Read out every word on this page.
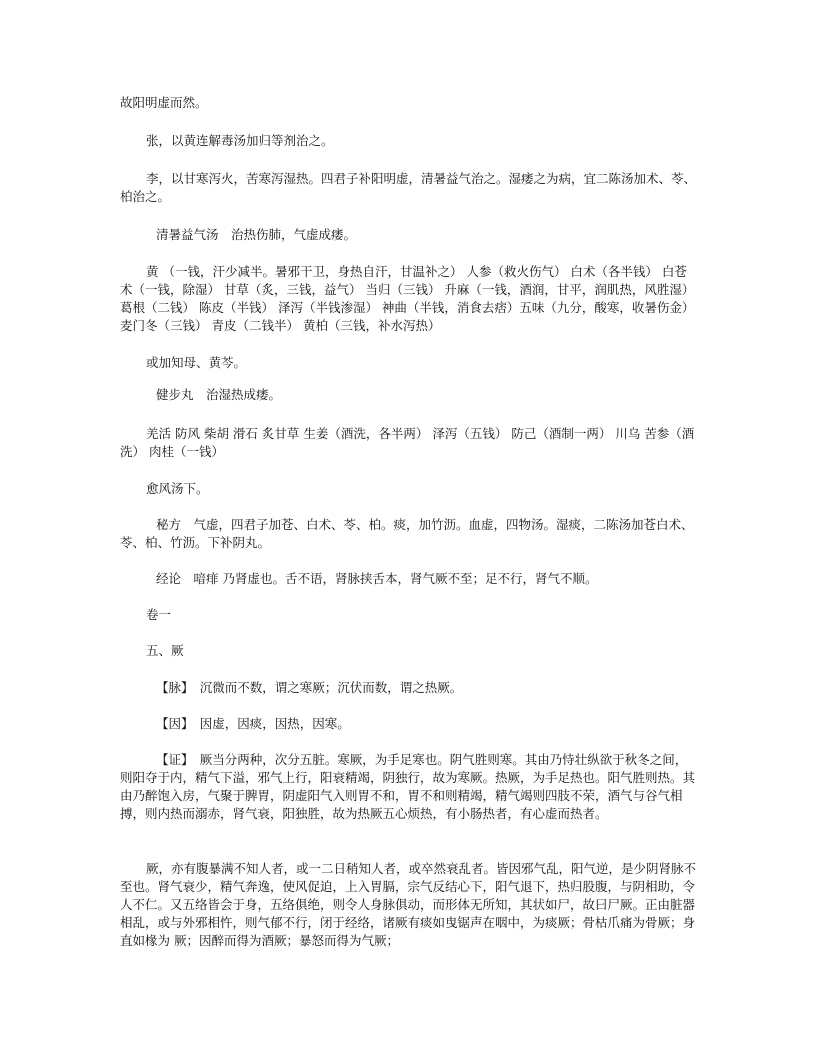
故阳明虚而然。

张，以黄连解毒汤加归等剂治之。

李，以甘寒泻火，苦寒泻湿热。四君子补阳明虚，清暑益气治之。湿痿之为病，宜二陈汤加术、苓、柏治之。

清暑益气汤　治热伤肺，气虚成痿。

黄 （一钱，汗少减半。暑邪干卫，身热自汗，甘温补之） 人参（救火伤气） 白术（各半钱） 白苍术（一钱，除湿） 甘草（炙，三钱，益气） 当归（三钱） 升麻（一钱，酒润，甘平，润肌热，风胜湿） 葛根（二钱） 陈皮（半钱） 泽泻（半钱渗湿） 神曲（半钱，消食去痞）五味（九分，酸寒，收暑伤金） 麦门冬（三钱） 青皮（二钱半） 黄柏（三钱，补水泻热）

或加知母、黄芩。

健步丸　治湿热成痿。

羌活 防风 柴胡 滑石 炙甘草 生姜（酒洗，各半两） 泽泻（五钱） 防己（酒制一两） 川乌 苦参（酒洗） 肉桂（一钱）

愈风汤下。

秘方　气虚，四君子加苍、白术、苓、柏。痰，加竹沥。血虚，四物汤。湿痰，二陈汤加苍白术、苓、柏、竹沥。下补阴丸。

经论　喑痱 乃肾虚也。舌不语，肾脉挟舌本，肾气厥不至；足不行，肾气不顺。

卷一

五、厥

【脉】　沉微而不数，谓之寒厥；沉伏而数，谓之热厥。

【因】　因虚，因痰，因热，因寒。

【证】　厥当分两种，次分五脏。寒厥，为手足寒也。阴气胜则寒。其由乃恃壮纵欲于秋冬之间，则阳夺于内，精气下溢，邪气上行，阳衰精竭，阴独行，故为寒厥。热厥，为手足热也。阳气胜则热。其由乃醉饱入房，气聚于脾胃，阴虚阳气入则胃不和，胃不和则精竭，精气竭则四肢不荣，酒气与谷气相搏，则内热而溺赤，肾气衰，阳独胜，故为热厥五心烦热，有小肠热者，有心虚而热者。

厥，亦有腹暴满不知人者，或一二日稍知人者，或卒然衰乱者。皆因邪气乱，阳气逆，是少阴肾脉不至也。肾气衰少，精气奔逸，使风促迫，上入胃膈，宗气反结心下，阳气退下，热归股腹，与阴相助，令人不仁。又五络皆会于身，五络俱绝，则令人身脉俱动，而形体无所知，其状如尸，故曰尸厥。正由脏器相乱，或与外邪相忤，则气郁不行，闭于经络，诸厥有痰如曳锯声在咽中，为痰厥；骨枯爪痛为骨厥；身直如椽为 厥；因醉而得为酒厥；暴怒而得为气厥；
